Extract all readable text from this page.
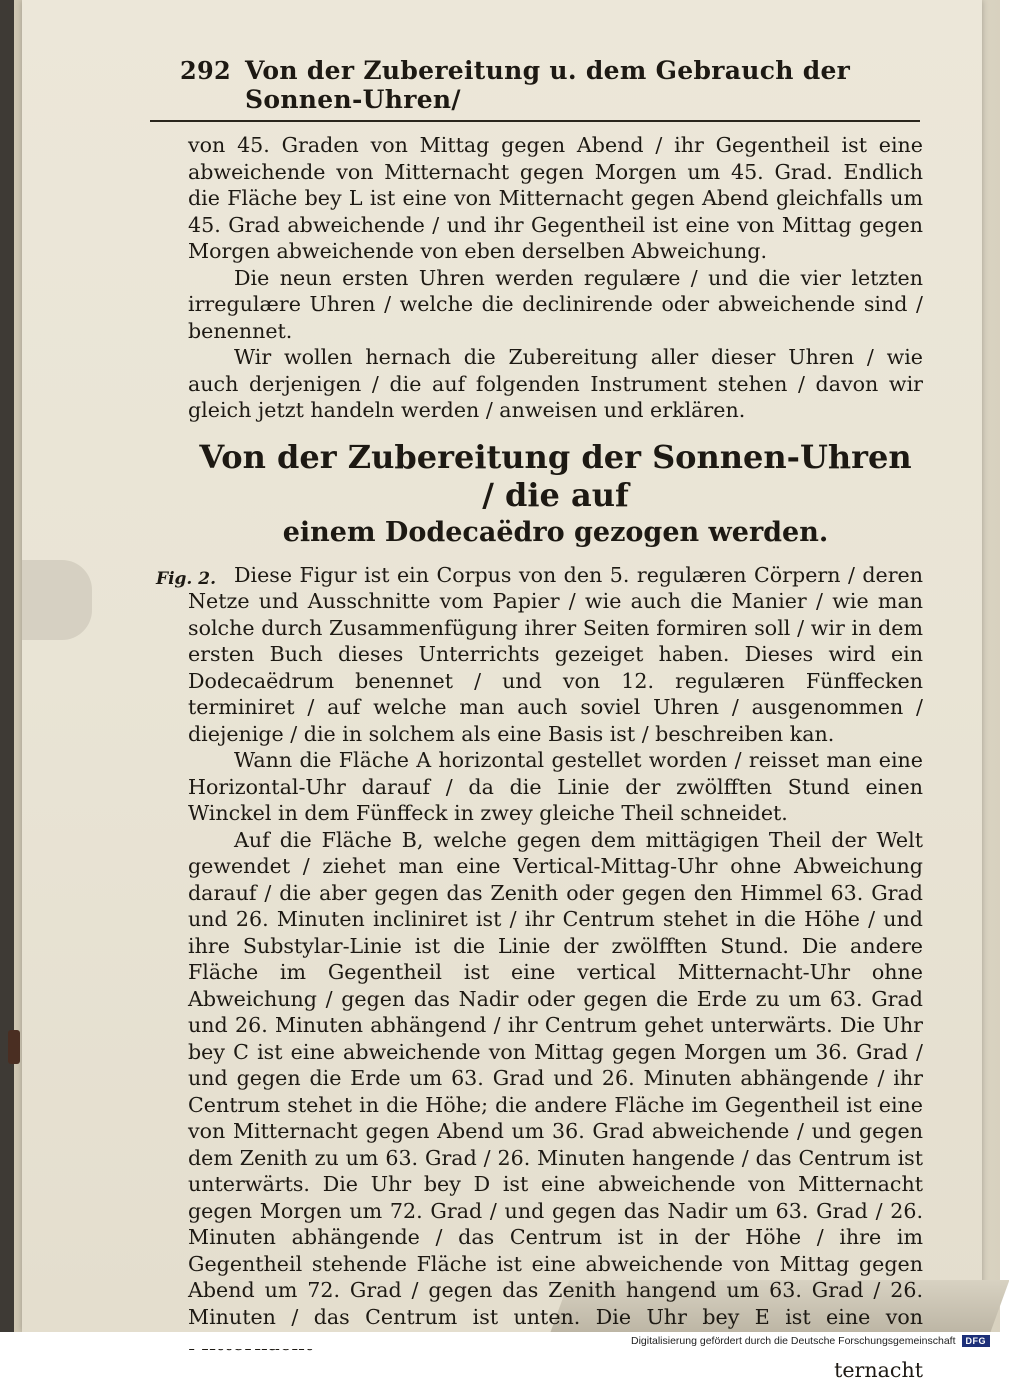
292 Von der Zubereitung u. dem Gebrauch der Sonnen-Uhren/

von 45. Graden von Mittag gegen Abend / ihr Gegentheil ist eine abweichende von Mitternacht gegen Morgen um 45. Grad. Endlich die Fläche bey L ist eine von Mitternacht gegen Abend gleichfalls um 45. Grad abweichende / und ihr Gegentheil ist eine von Mittag gegen Morgen abweichende von eben derselben Abweichung.

Die neun ersten Uhren werden regulære / und die vier letzten irregulære Uhren / welche die declinirende oder abweichende sind / benennet.

Wir wollen hernach die Zubereitung aller dieser Uhren / wie auch derjenigen / die auf folgenden Instrument stehen / davon wir gleich jetzt handeln werden / anweisen und erklären.

Von der Zubereitung der Sonnen-Uhren / die auf
einem Dodecaëdro gezogen werden.
Fig. 2. Diese Figur ist ein Corpus von den 5. regulæren Cörpern / deren Netze und Ausschnitte vom Papier / wie auch die Manier / wie man solche durch Zusammenfügung ihrer Seiten formiren soll / wir in dem ersten Buch dieses Unterrichts gezeiget haben. Dieses wird ein Dodecaëdrum benennet / und von 12. regulæren Fünffecken terminiret / auf welche man auch soviel Uhren / ausgenommen / diejenige / die in solchem als eine Basis ist / beschreiben kan.

Wann die Fläche A horizontal gestellet worden / reisset man eine Horizontal-Uhr darauf / da die Linie der zwölfften Stund einen Winckel in dem Fünffeck in zwey gleiche Theil schneidet.

Auf die Fläche B, welche gegen dem mittägigen Theil der Welt gewendet / ziehet man eine Vertical-Mittag-Uhr ohne Abweichung darauf / die aber gegen das Zenith oder gegen den Himmel 63. Grad und 26. Minuten incliniret ist / ihr Centrum stehet in die Höhe / und ihre Substylar-Linie ist die Linie der zwölfften Stund. Die andere Fläche im Gegentheil ist eine vertical Mitternacht-Uhr ohne Abweichung / gegen das Nadir oder gegen die Erde zu um 63. Grad und 26. Minuten abhängend / ihr Centrum gehet unterwärts. Die Uhr bey C ist eine abweichende von Mittag gegen Morgen um 36. Grad / und gegen die Erde um 63. Grad und 26. Minuten abhängende / ihr Centrum stehet in die Höhe; die andere Fläche im Gegentheil ist eine von Mitternacht gegen Abend um 36. Grad abweichende / und gegen dem Zenith zu um 63. Grad / 26. Minuten hangende / das Centrum ist unterwärts. Die Uhr bey D ist eine abweichende von Mitternacht gegen Morgen um 72. Grad / und gegen das Nadir um 63. Grad / 26. Minuten abhängende / das Centrum ist in der Höhe / ihre im Gegentheil stehende Fläche ist eine abweichende von Mittag gegen Abend um 72. Grad / gegen das Zenith hangend um 63. Grad / 26. Minuten / das Centrum ist unten. Die Uhr bey E ist eine von

ternacht

Digitalisierung gefördert durch die Deutsche Forschungsgemeinschaft	DFG
